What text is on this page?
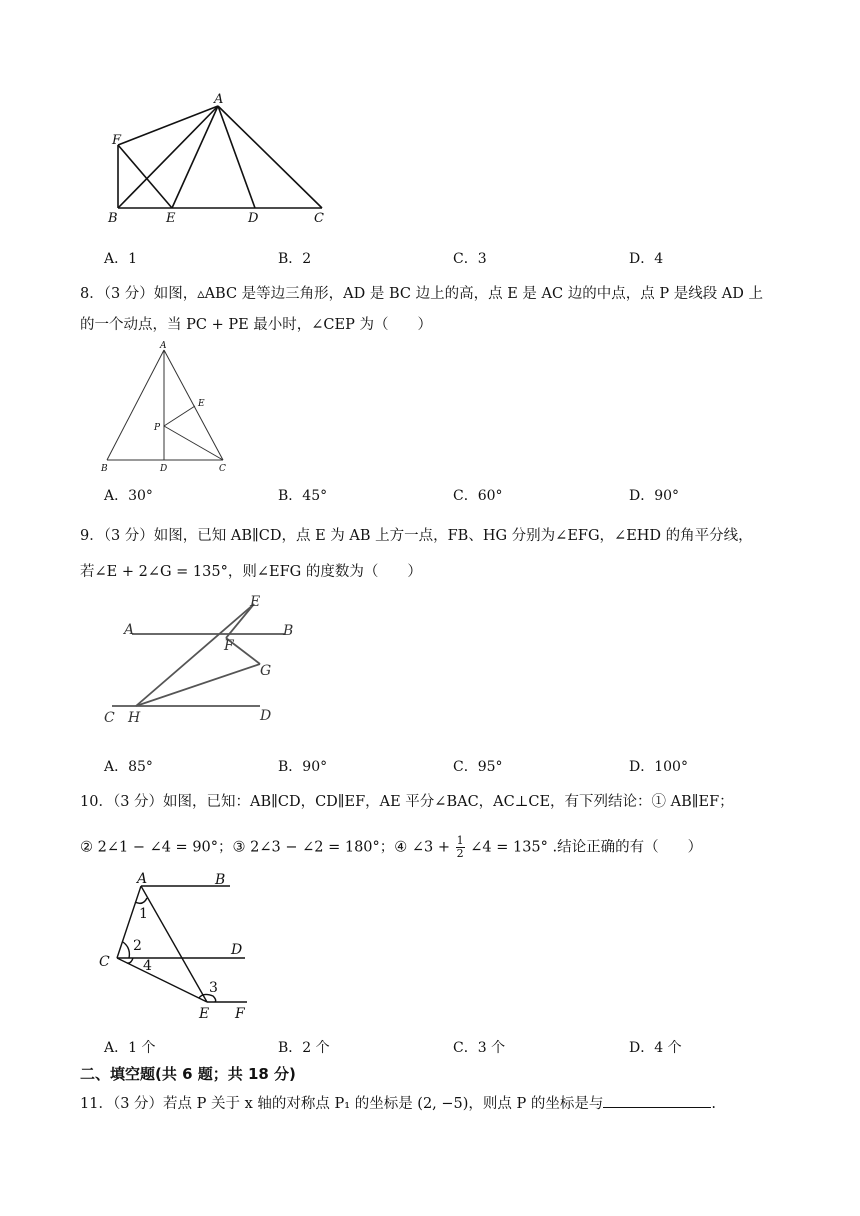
A
F
B	E	D	C
A．1	B．2	C．3	D．4
8．（3 分）如图，▵ABC 是等边三角形，AD 是 BC 边上的高，点 E 是 AC 边的中点，点 P 是线段 AD 上
的一个动点，当 PC + PE 最小时，∠CEP 为（　　）
A
E
P
B	D	C
A．30°	B．45°	C．60°	D．90°
9．（3 分）如图，已知 AB∥CD，点 E 为 AB 上方一点，FB、HG 分别为∠EFG，∠EHD 的角平分线，
若∠E + 2∠G = 135°，则∠EFG 的度数为（　　）
E
A	B
F
G
C H	D
A．85°	B．90°	C．95°	D．100°
10．（3 分）如图，已知：AB∥CD，CD∥EF，AE 平分∠BAC，AC⊥CE，有下列结论：① AB∥EF；
② 2∠1 − ∠4 = 90°；③ 2∠3 − ∠2 = 180°；④ ∠3 + $\frac{1}{2}$ ∠4 = 135° .结论正确的有（　　）
A	B
1
2
C
D
4
3
E F
A．1 个	B．2 个	C．3 个	D．4 个
二、填空题(共 6 题；共 18 分)
11．（3 分）若点 P 关于 x 轴的对称点 P₁ 的坐标是 (2, −5)，则点 P 的坐标是与	.
